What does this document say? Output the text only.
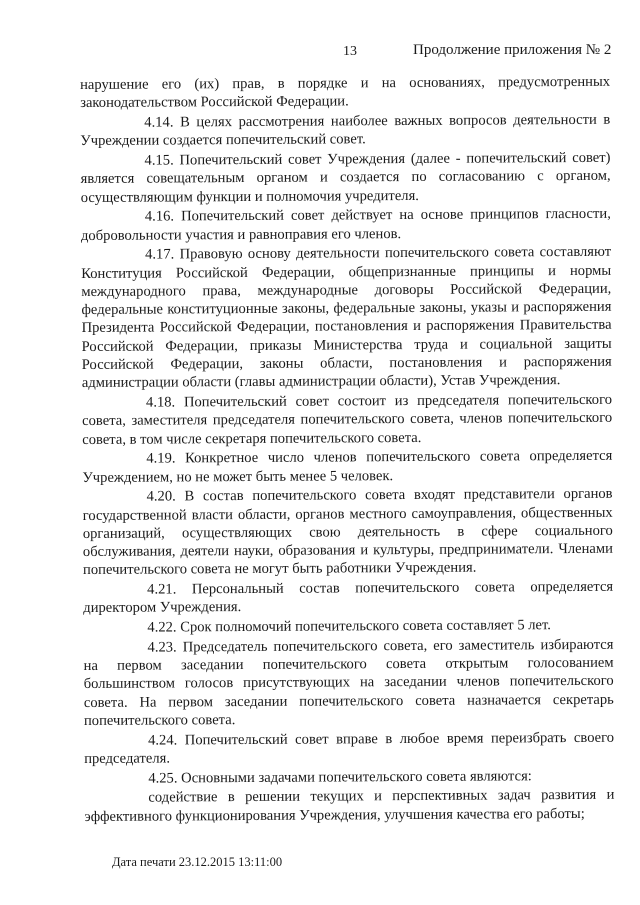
13	Продолжение приложения № 2

нарушение его (их) прав, в порядке и на основаниях, предусмотренных законодательством Российской Федерации.

4.14. В целях рассмотрения наиболее важных вопросов деятельности в Учреждении создается попечительский совет.

4.15. Попечительский совет Учреждения (далее - попечительский совет) является совещательным органом и создается по согласованию с органом, осуществляющим функции и полномочия учредителя.

4.16. Попечительский совет действует на основе принципов гласности, добровольности участия и равноправия его членов.

4.17. Правовую основу деятельности попечительского совета составляют Конституция Российской Федерации, общепризнанные принципы и нормы международного права, международные договоры Российской Федерации, федеральные конституционные законы, федеральные законы, указы и распоряжения Президента Российской Федерации, постановления и распоряжения Правительства Российской Федерации, приказы Министерства труда и социальной защиты Российской Федерации, законы области, постановления и распоряжения администрации области (главы администрации области), Устав Учреждения.

4.18. Попечительский совет состоит из председателя попечительского совета, заместителя председателя попечительского совета, членов попечительского совета, в том числе секретаря попечительского совета.

4.19. Конкретное число членов попечительского совета определяется Учреждением, но не может быть менее 5 человек.

4.20. В состав попечительского совета входят представители органов государственной власти области, органов местного самоуправления, общественных организаций, осуществляющих свою деятельность в сфере социального обслуживания, деятели науки, образования и культуры, предприниматели. Членами попечительского совета не могут быть работники Учреждения.

4.21. Персональный состав попечительского совета определяется директором Учреждения.

4.22. Срок полномочий попечительского совета составляет 5 лет.

4.23. Председатель попечительского совета, его заместитель избираются на первом заседании попечительского совета открытым голосованием большинством голосов присутствующих на заседании членов попечительского совета. На первом заседании попечительского совета назначается секретарь попечительского совета.

4.24. Попечительский совет вправе в любое время переизбрать своего председателя.

4.25. Основными задачами попечительского совета являются:

содействие в решении текущих и перспективных задач развития и эффективного функционирования Учреждения, улучшения качества его работы;

Дата печати 23.12.2015 13:11:00
